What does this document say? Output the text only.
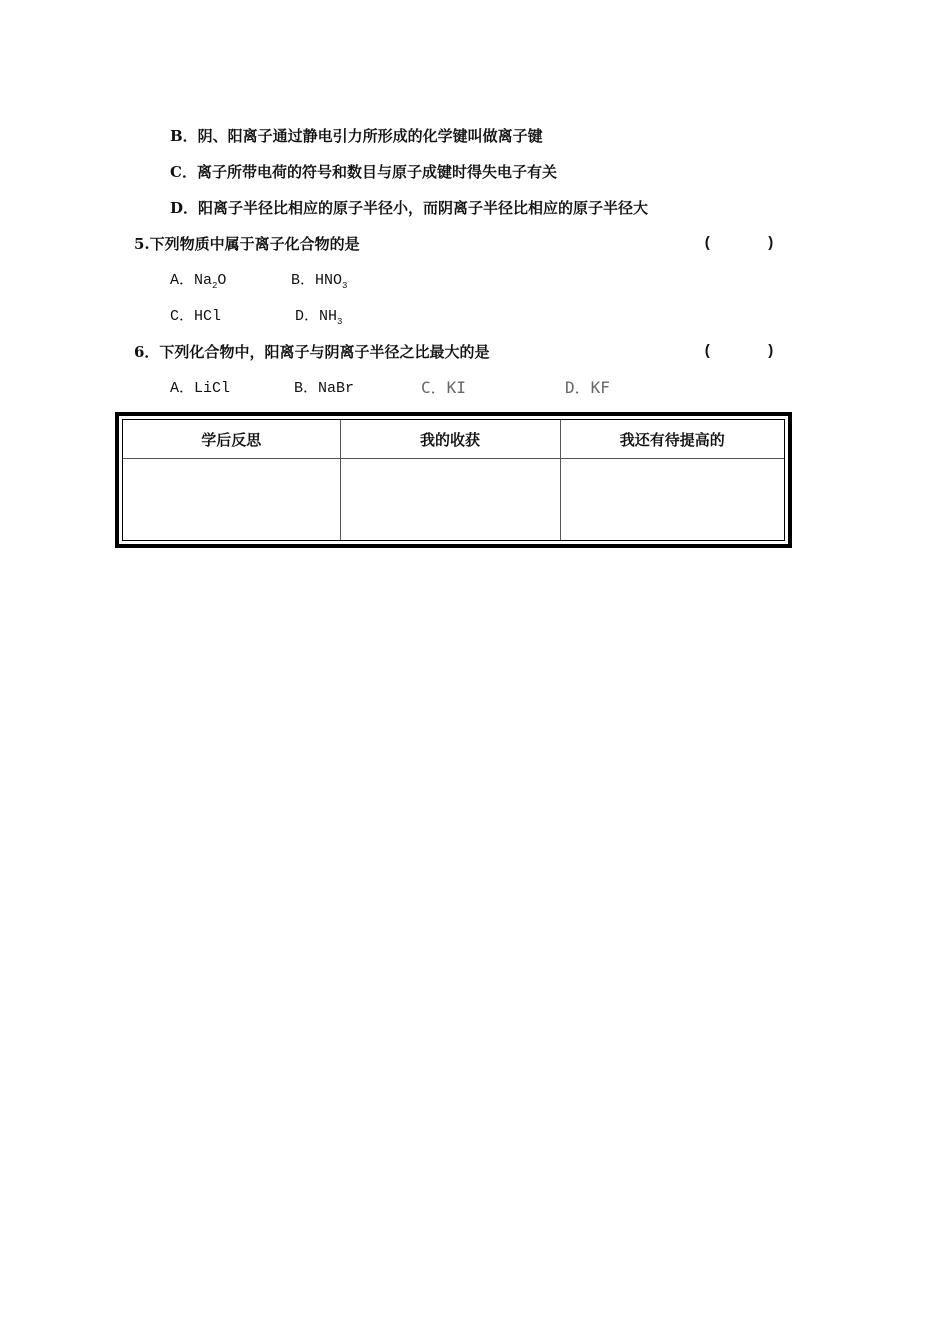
B．阴、阳离子通过静电引力所形成的化学键叫做离子键
C．离子所带电荷的符号和数目与原子成键时得失电子有关
D．阳离子半径比相应的原子半径小，而阴离子半径比相应的原子半径大
5.下列物质中属于离子化合物的是	(      )
A．$Na_2O$	B．$HNO_3$
C．HCl	D．$NH_3$
6．下列化合物中，阳离子与阴离子半径之比最大的是	(      )
A．LiCl	B．NaBr	C．KI	D．KF
学后反思	我的收获	我还有待提高的
